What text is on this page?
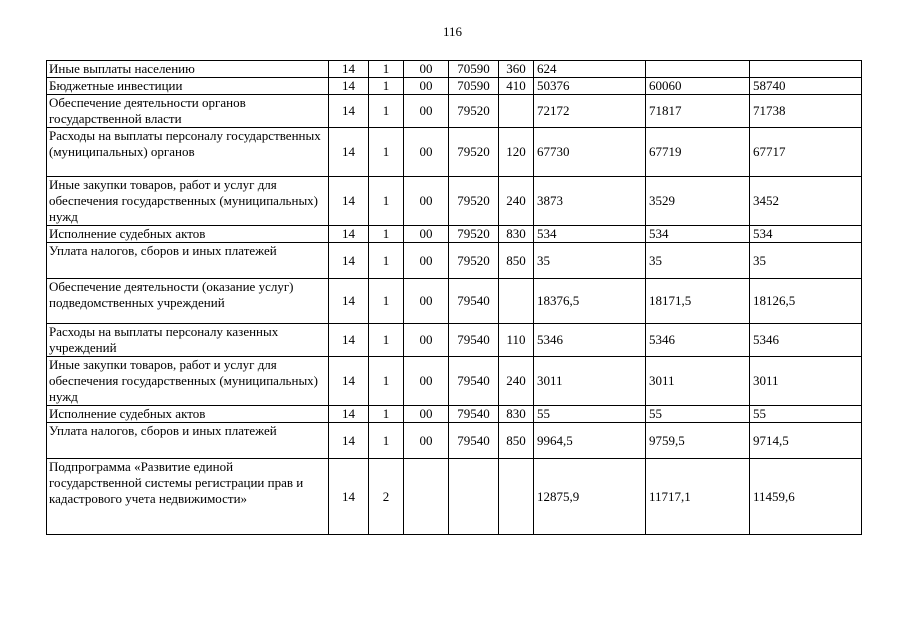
116
Иные выплаты населению	14	1	00	70590	360	624		
Бюджетные инвестиции	14	1	00	70590	410	50376	60060	58740
Обеспечение деятельности органов государственной власти	14	1	00	79520		72172	71817	71738
Расходы на выплаты персоналу государственных (муниципальных) органов	14	1	00	79520	120	67730	67719	67717
Иные закупки товаров, работ и услуг для обеспечения государственных (муниципальных) нужд	14	1	00	79520	240	3873	3529	3452
Исполнение судебных актов	14	1	00	79520	830	534	534	534
Уплата налогов, сборов и иных платежей	14	1	00	79520	850	35	35	35
Обеспечение деятельности (оказание услуг) подведомственных учреждений	14	1	00	79540		18376,5	18171,5	18126,5
Расходы на выплаты персоналу казенных учреждений	14	1	00	79540	110	5346	5346	5346
Иные закупки товаров, работ и услуг для обеспечения государственных (муниципальных) нужд	14	1	00	79540	240	3011	3011	3011
Исполнение судебных актов	14	1	00	79540	830	55	55	55
Уплата налогов, сборов и иных платежей	14	1	00	79540	850	9964,5	9759,5	9714,5
Подпрограмма «Развитие единой государственной системы регистрации прав и кадастрового учета недвижимости»	14	2				12875,9	11717,1	11459,6
